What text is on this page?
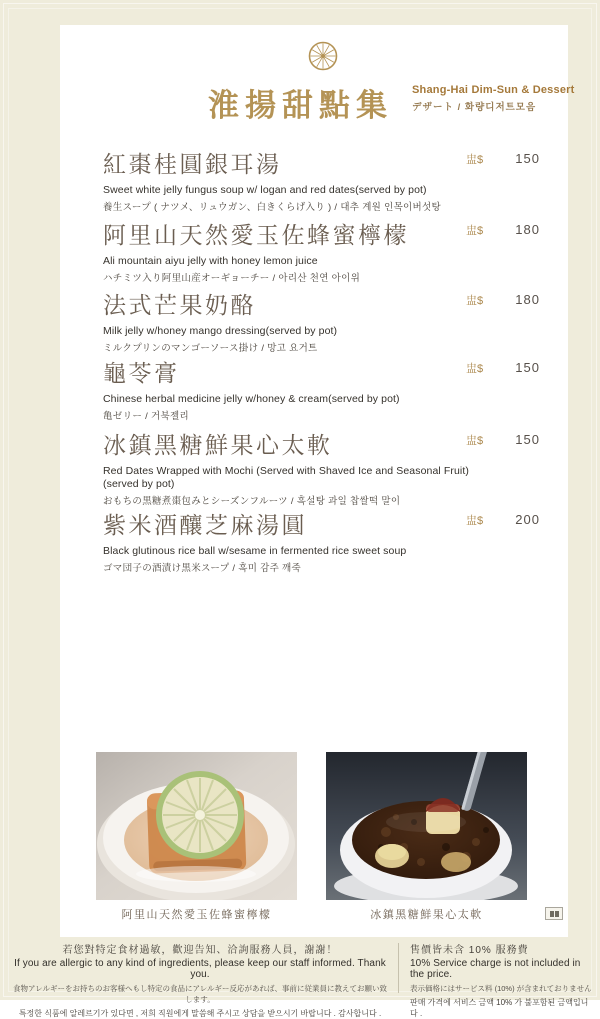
淮揚甜點集 Shang-Hai Dim-Sun & Dessert
デザート / 화량디저트모음
紅棗桂圓銀耳湯

Sweet white jelly fungus soup w/ logan and red dates(served by pot)

養生スープ ( ナツメ、リュウガン、白きくらげ入り ) / 대추 계원 인목이버섯탕

盅$ 150
阿里山天然愛玉佐蜂蜜檸檬

Ali mountain aiyu jelly with honey lemon juice

ハチミツ入り阿里山産オーギョーチー / 아리산 천연 아이위

盅$ 180
法式芒果奶酪

Milk jelly w/honey mango dressing(served by pot)

ミルクプリンのマンゴーソース掛け / 망고 요거트

盅$ 180
龜苓膏

Chinese herbal medicine jelly w/honey & cream(served by pot)

亀ゼリー / 거북젤리

盅$ 150
冰鎮黑糖鮮果心太軟

Red Dates Wrapped with Mochi (Served with Shaved Ice and Seasonal Fruit)

(served by pot)

おもちの黒糖煮棗包みとシーズンフルーツ / 흑설탕 과일 찹쌀떡 말이

盅$ 150
紫米酒釀芝麻湯圓

Black glutinous rice ball w/sesame in fermented rice sweet soup

ゴマ団子の酒漬け黒米スープ / 흑미 감주 깨죽

盅$ 200
阿里山天然愛玉佐蜂蜜檸檬	冰鎮黑糖鮮果心太軟
若您對特定食材過敏，歡迎告知、洽詢服務人員，謝謝！
If you are allergic to any kind of ingredients, please keep our staff informed. Thank you.
食物アレルギーをお持ちのお客様へもし特定の食品にアレルギー反応があれば、事前に従業員に教えてお願い致します。
특정한 식품에 알레르기가 있다면 , 저희 직원에게 말씀해 주시고 상담을 받으시기 바랍니다 . 감사합니다 .
售價皆未含 10% 服務費
10% Service charge is not included in the price.
表示価格にはサービス料 (10%) が含まれておりません
판매 가격에 서비스 금액 10% 가 불포함된 금액입니다 .
